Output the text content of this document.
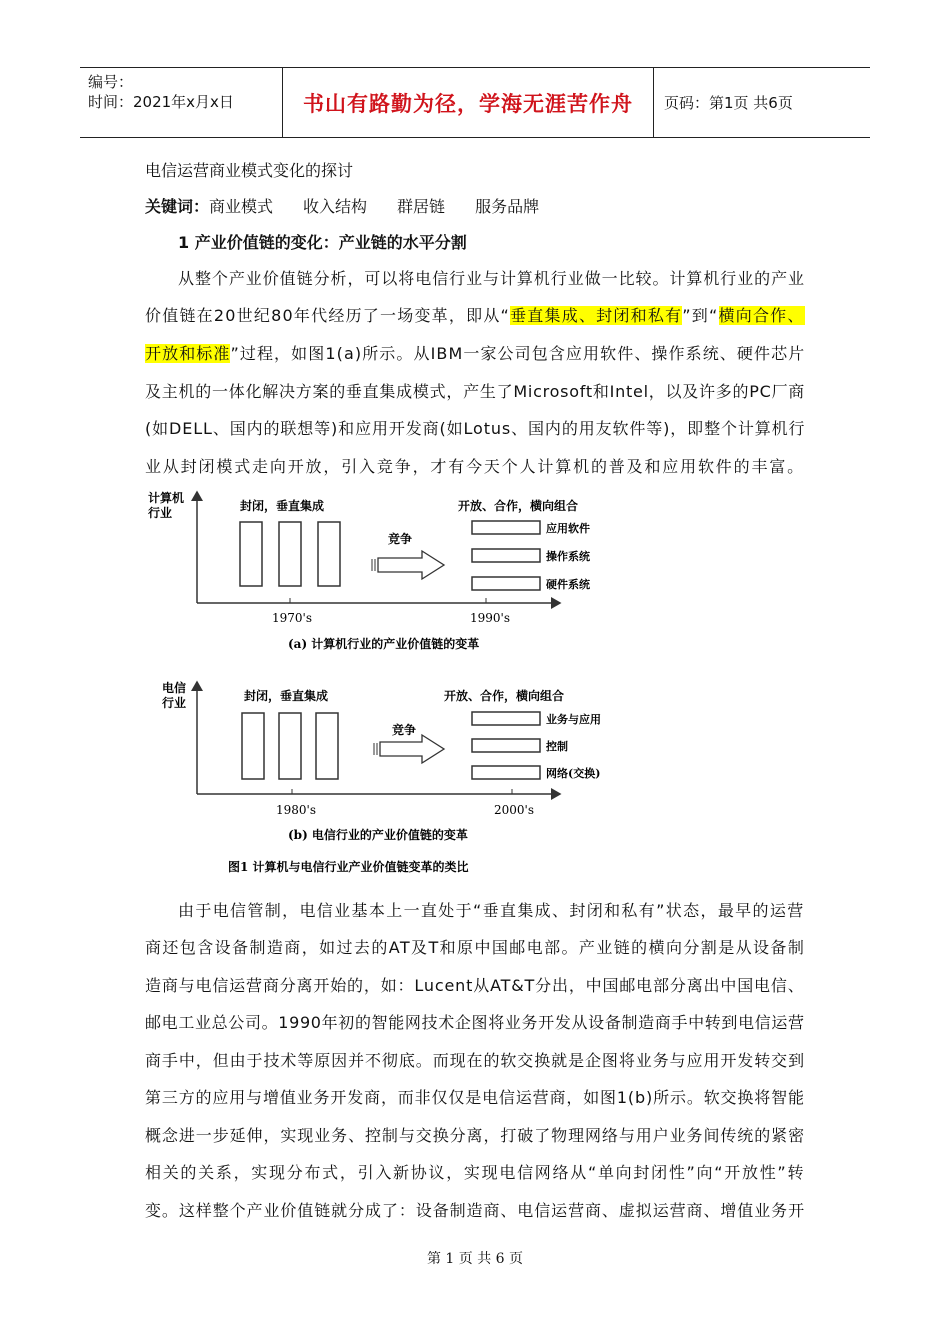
编号：
时间：2021年x月x日	书山有路勤为径，学海无涯苦作舟	页码：第1页 共6页
电信运营商业模式变化的探讨
关键词：商业模式 收入结构 群居链 服务品牌
1 产业价值链的变化：产业链的水平分割
从整个产业价值链分析，可以将电信行业与计算机行业做一比较。计算机行业的产业
价值链在20世纪80年代经历了一场变革，即从“垂直集成、封闭和私有”到“横向合作、
开放和标准”过程，如图1(a)所示。从IBM一家公司包含应用软件、操作系统、硬件芯片
及主机的一体化解决方案的垂直集成模式，产生了Microsoft和Intel，以及许多的PC厂商
(如DELL、国内的联想等)和应用开发商(如Lotus、国内的用友软件等)，即整个计算机行
业从封闭模式走向开放，引入竞争，才有今天个人计算机的普及和应用软件的丰富。
计算机
行业	封闭，垂直集成	开放、合作，横向组合
竞争
应用软件
操作系统
硬件系统
1970's	1990's
(a) 计算机行业的产业价值链的变革
电信
行业	封闭，垂直集成	开放、合作，横向组合
竞争
业务与应用
控制
网络(交换)
1980's	2000's
(b) 电信行业的产业价值链的变革
图1 计算机与电信行业产业价值链变革的类比
由于电信管制，电信业基本上一直处于“垂直集成、封闭和私有”状态，最早的运营
商还包含设备制造商，如过去的AT及T和原中国邮电部。产业链的横向分割是从设备制
造商与电信运营商分离开始的，如：Lucent从AT&T分出，中国邮电部分离出中国电信、
邮电工业总公司。1990年初的智能网技术企图将业务开发从设备制造商手中转到电信运营
商手中，但由于技术等原因并不彻底。而现在的软交换就是企图将业务与应用开发转交到
第三方的应用与增值业务开发商，而非仅仅是电信运营商，如图1(b)所示。软交换将智能
概念进一步延伸，实现业务、控制与交换分离，打破了物理网络与用户业务间传统的紧密
相关的关系，实现分布式，引入新协议，实现电信网络从“单向封闭性”向“开放性”转
变。这样整个产业价值链就分成了：设备制造商、电信运营商、虚拟运营商、增值业务开
第 1 页 共 6 页
